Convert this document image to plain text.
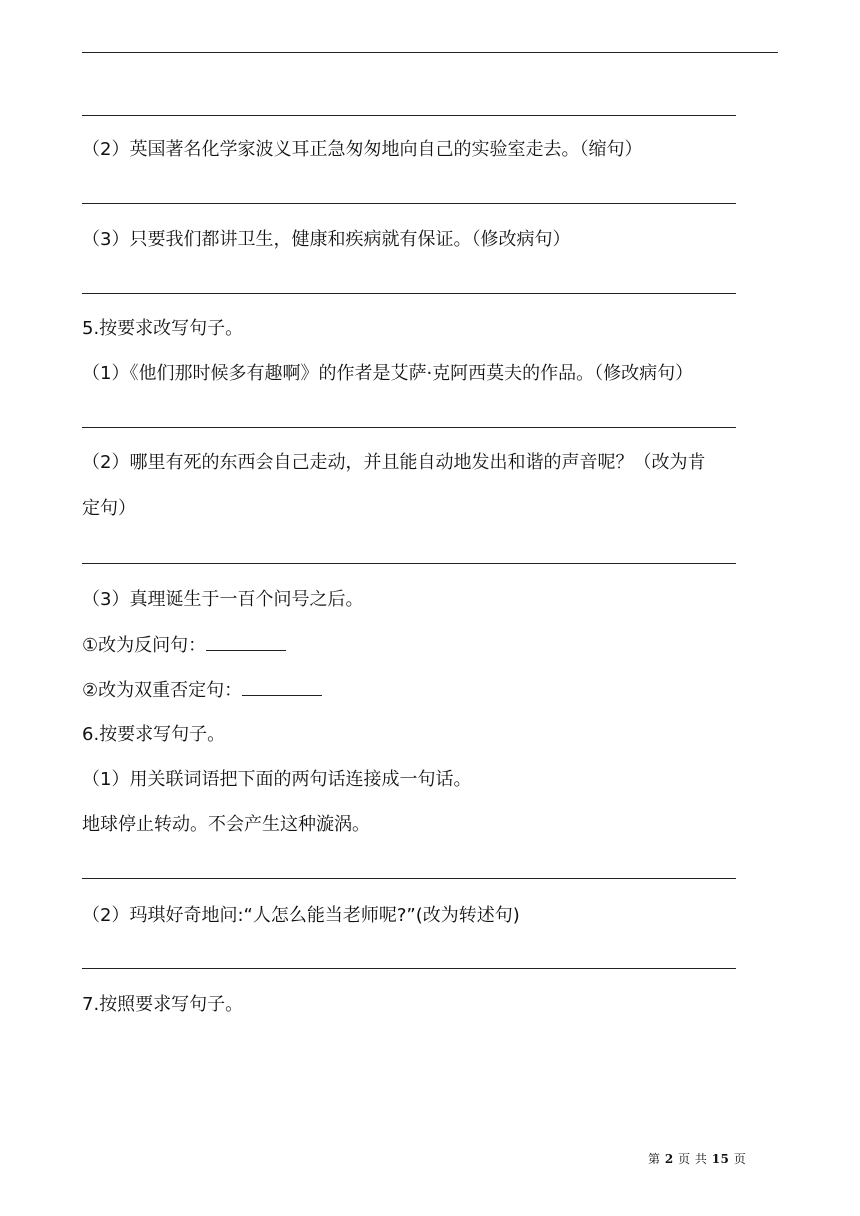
（2）英国著名化学家波义耳正急匆匆地向自己的实验室走去。（缩句）
（3）只要我们都讲卫生，健康和疾病就有保证。（修改病句）
5.按要求改写句子。
（1）《他们那时候多有趣啊》的作者是艾萨·克阿西莫夫的作品。（修改病句）
（2）哪里有死的东西会自己走动，并且能自动地发出和谐的声音呢？（改为肯
定句）
（3）真理诞生于一百个问号之后。
①改为反问句：
②改为双重否定句：
6.按要求写句子。
（1）用关联词语把下面的两句话连接成一句话。
地球停止转动。不会产生这种漩涡。
（2）玛琪好奇地问:“人怎么能当老师呢?”(改为转述句)
7.按照要求写句子。
第 2 页 共 15 页
